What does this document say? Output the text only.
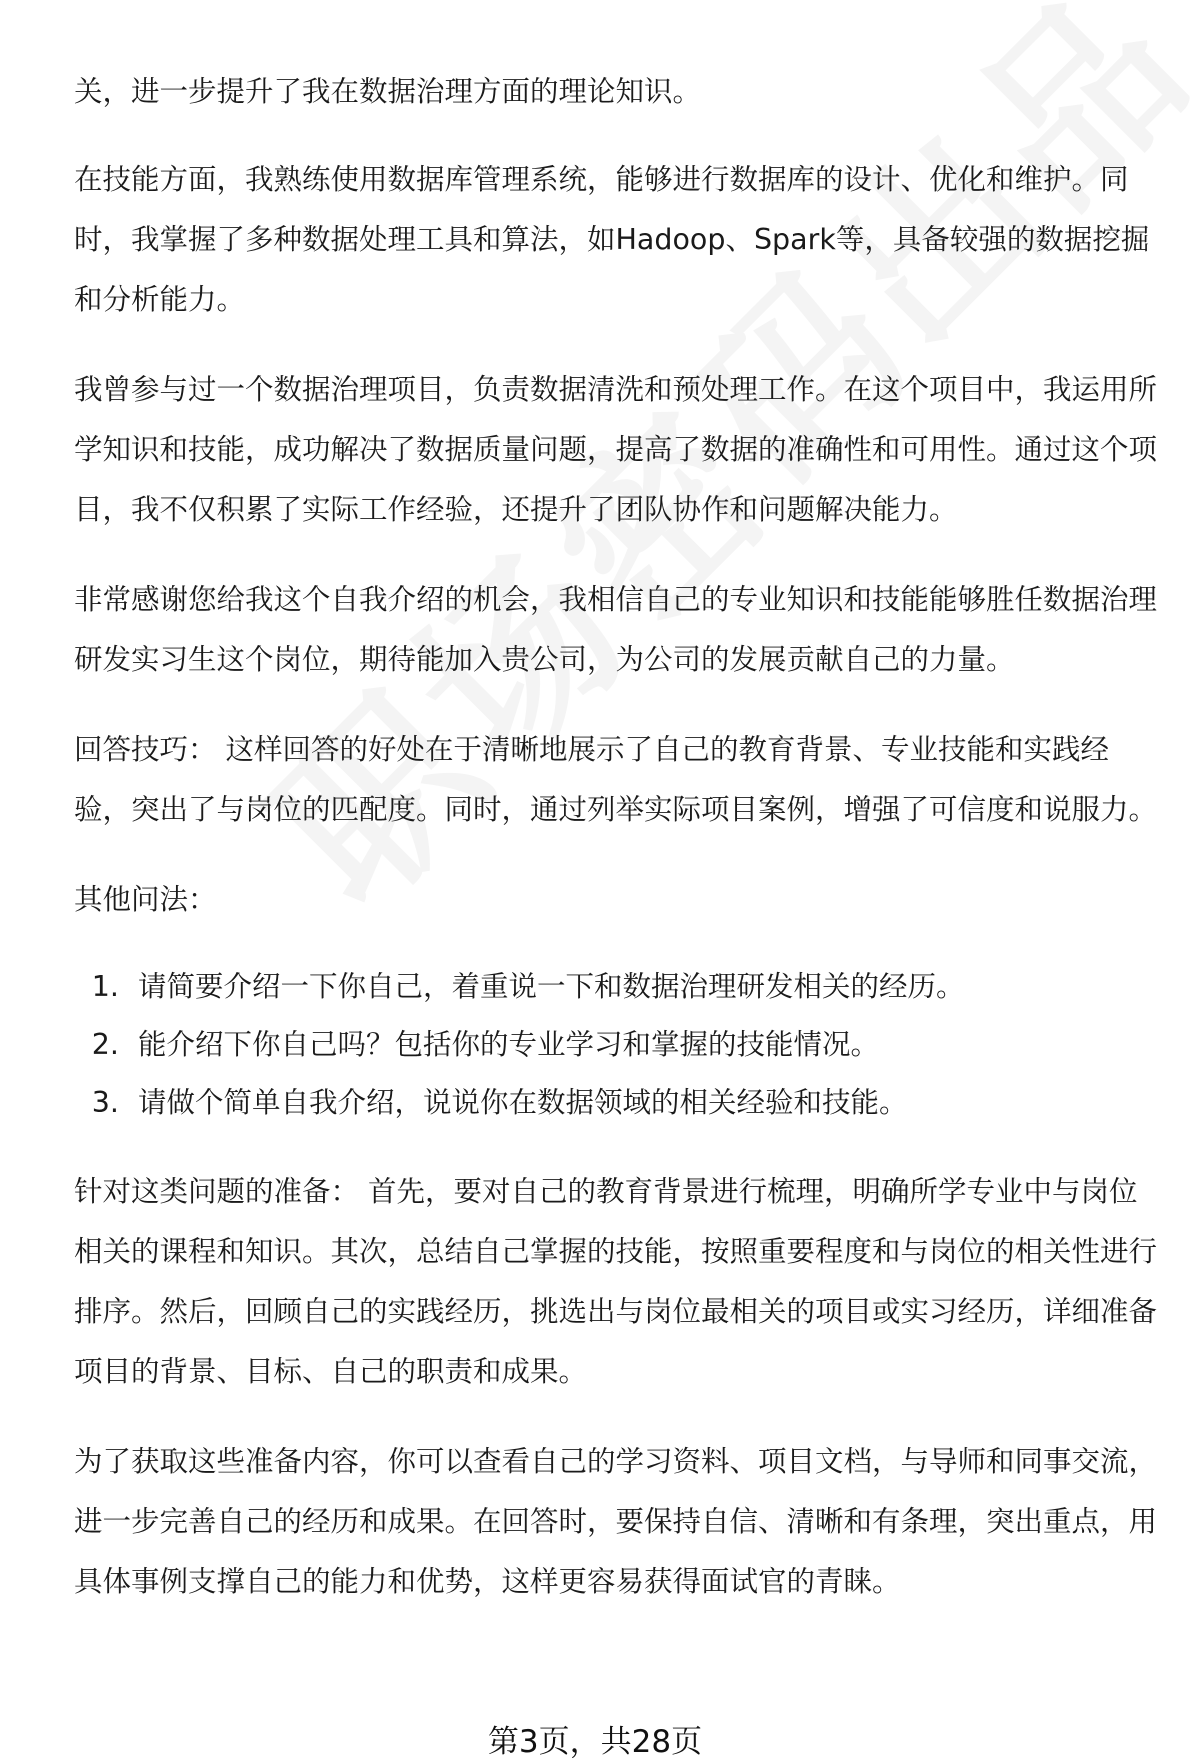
关，进一步提升了我在数据治理方面的理论知识。

在技能方面，我熟练使用数据库管理系统，能够进行数据库的设计、优化和维护。同时，我掌握了多种数据处理工具和算法，如Hadoop、Spark等，具备较强的数据挖掘和分析能力。

我曾参与过一个数据治理项目，负责数据清洗和预处理工作。在这个项目中，我运用所学知识和技能，成功解决了数据质量问题，提高了数据的准确性和可用性。通过这个项目，我不仅积累了实际工作经验，还提升了团队协作和问题解决能力。

非常感谢您给我这个自我介绍的机会，我相信自己的专业知识和技能能够胜任数据治理研发实习生这个岗位，期待能加入贵公司，为公司的发展贡献自己的力量。

回答技巧： 这样回答的好处在于清晰地展示了自己的教育背景、专业技能和实践经验，突出了与岗位的匹配度。同时，通过列举实际项目案例，增强了可信度和说服力。

其他问法：

1. 请简要介绍一下你自己，着重说一下和数据治理研发相关的经历。
2. 能介绍下你自己吗？包括你的专业学习和掌握的技能情况。
3. 请做个简单自我介绍，说说你在数据领域的相关经验和技能。

针对这类问题的准备： 首先，要对自己的教育背景进行梳理，明确所学专业中与岗位相关的课程和知识。其次，总结自己掌握的技能，按照重要程度和与岗位的相关性进行排序。然后，回顾自己的实践经历，挑选出与岗位最相关的项目或实习经历，详细准备项目的背景、目标、自己的职责和成果。

为了获取这些准备内容，你可以查看自己的学习资料、项目文档，与导师和同事交流，进一步完善自己的经历和成果。在回答时，要保持自信、清晰和有条理，突出重点，用具体事例支撑自己的能力和优势，这样更容易获得面试官的青睐。

第3页，共28页
